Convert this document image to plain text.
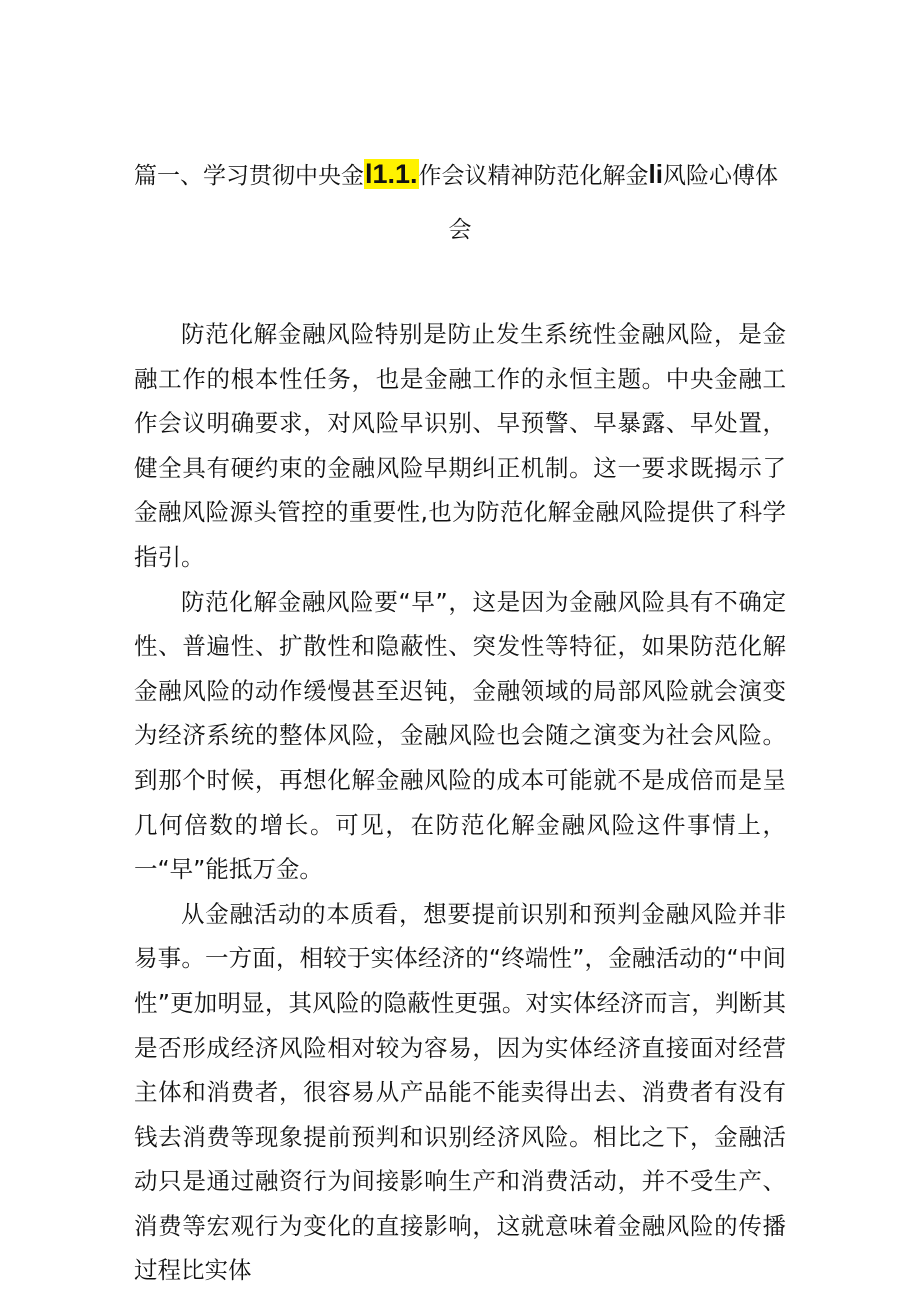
篇一、学习贯彻中央金l1.1.作会议精神防范化解金li风险心傅体
会

防范化解金融风险特别是防止发生系统性金融风险，是金融工作的根本性任务，也是金融工作的永恒主题。中央金融工作会议明确要求，对风险早识别、早预警、早暴露、早处置，健全具有硬约束的金融风险早期纠正机制。这一要求既揭示了金融风险源头管控的重要性,也为防范化解金融风险提供了科学指引。

防范化解金融风险要“早”，这是因为金融风险具有不确定性、普遍性、扩散性和隐蔽性、突发性等特征，如果防范化解金融风险的动作缓慢甚至迟钝，金融领域的局部风险就会演变为经济系统的整体风险，金融风险也会随之演变为社会风险。到那个时候，再想化解金融风险的成本可能就不是成倍而是呈几何倍数的增长。可见，在防范化解金融风险这件事情上，一“早”能抵万金。

从金融活动的本质看，想要提前识别和预判金融风险并非易事。一方面，相较于实体经济的“终端性”，金融活动的“中间性”更加明显，其风险的隐蔽性更强。对实体经济而言，判断其是否形成经济风险相对较为容易，因为实体经济直接面对经营主体和消费者，很容易从产品能不能卖得出去、消费者有没有钱去消费等现象提前预判和识别经济风险。相比之下，金融活动只是通过融资行为间接影响生产和消费活动，并不受生产、消费等宏观行为变化的直接影响，这就意味着金融风险的传播过程比实体
